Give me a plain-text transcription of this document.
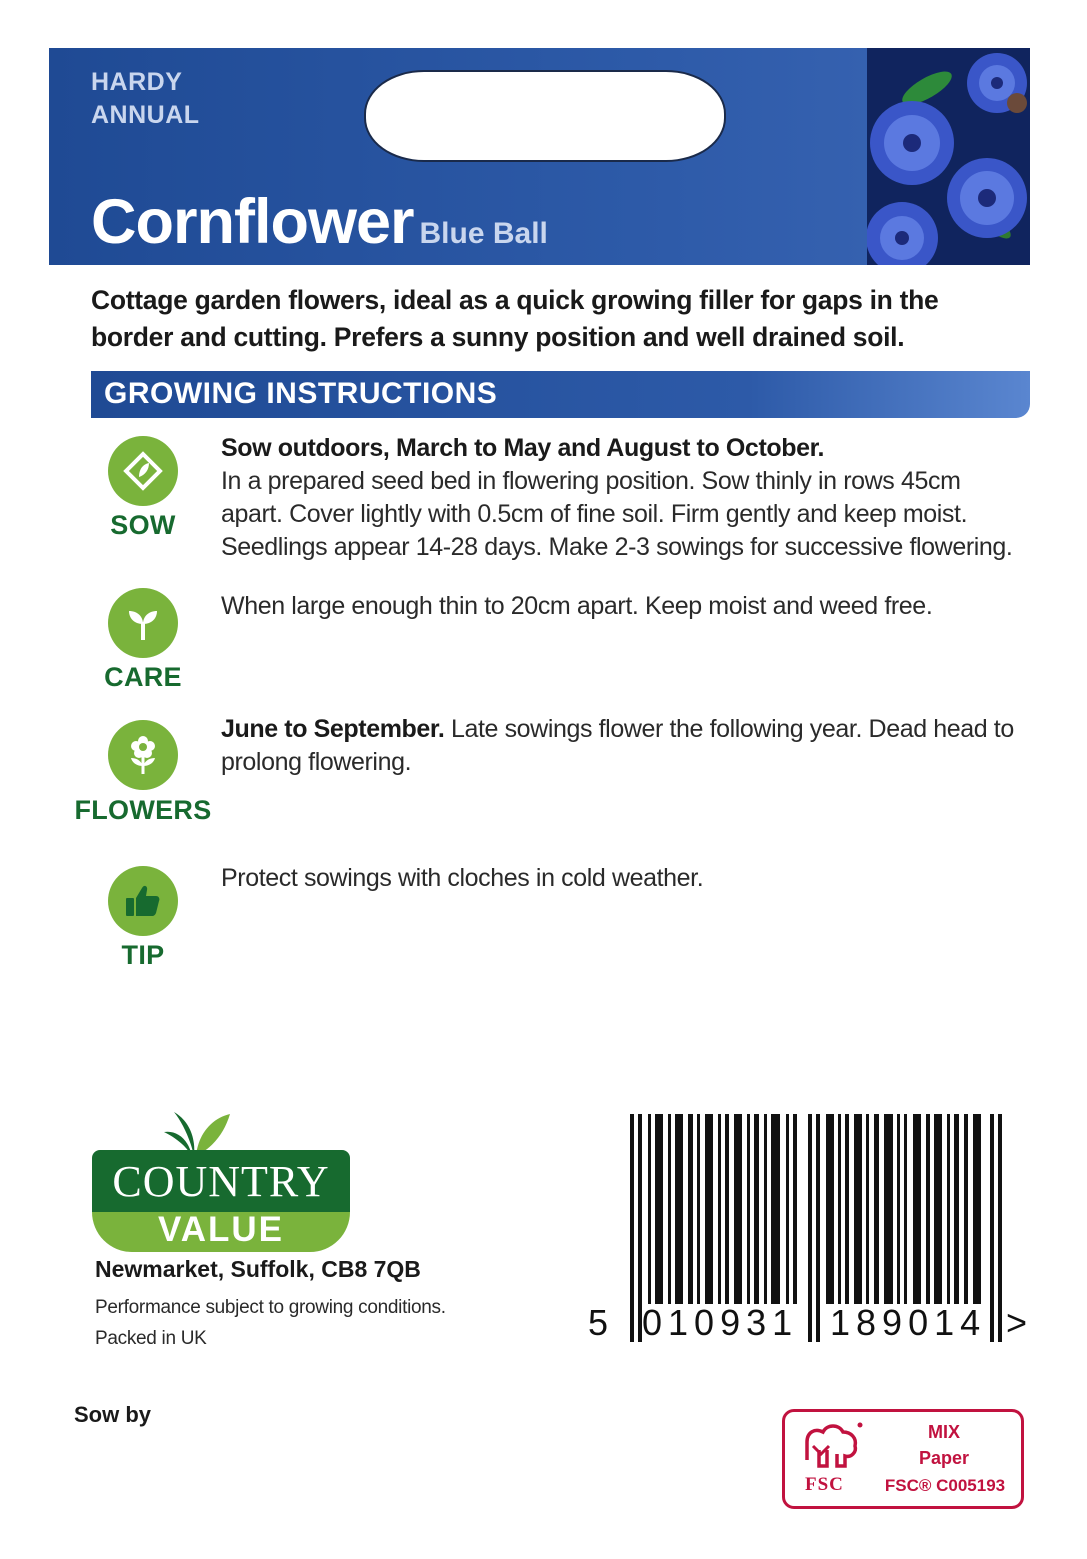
HARDY
ANNUAL
Cornflower Blue Ball
Cottage garden flowers, ideal as a quick growing filler for gaps in the border and cutting. Prefers a sunny position and well drained soil.
GROWING INSTRUCTIONS
SOW
Sow outdoors, March to May and August to October.
In a prepared seed bed in flowering position. Sow thinly in rows 45cm apart. Cover lightly with 0.5cm of fine soil. Firm gently and keep moist. Seedlings appear 14-28 days. Make 2-3 sowings for successive flowering.
CARE
When large enough thin to 20cm apart. Keep moist and weed free.
FLOWERS
June to September. Late sowings flower the following year. Dead head to prolong flowering.
TIP
Protect sowings with cloches in cold weather.
COUNTRY
VALUE
Newmarket, Suffolk, CB8 7QB
Performance subject to growing conditions.
Packed in UK
Sow by
5 010931 189014 >
FSC
MIX
Paper
FSC® C005193
